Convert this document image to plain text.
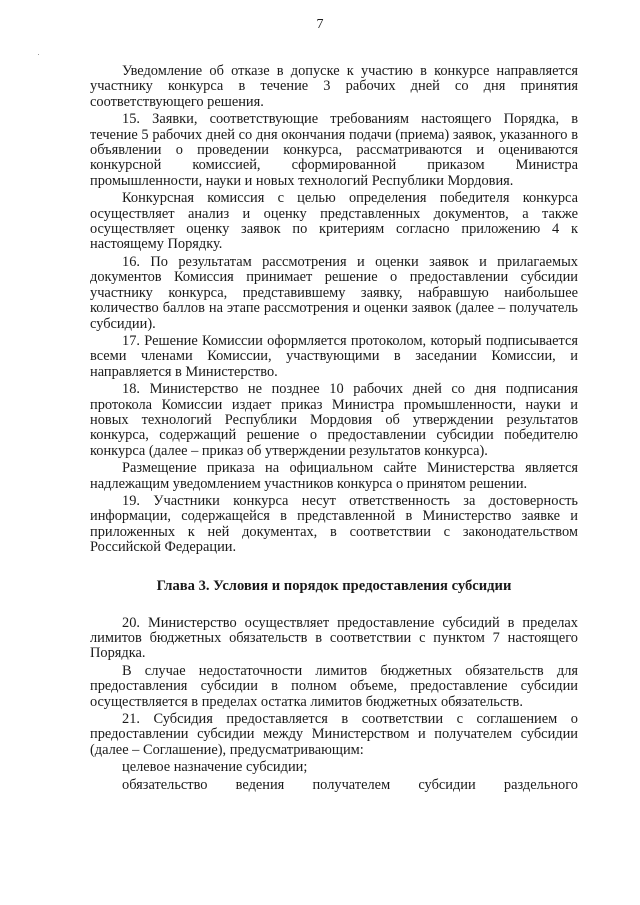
7

Уведомление об отказе в допуске к участию в конкурсе направляется участнику конкурса в течение 3 рабочих дней со дня принятия соответствующего решения.

15. Заявки, соответствующие требованиям настоящего Порядка, в течение 5 рабочих дней со дня окончания подачи (приема) заявок, указанного в объявлении о проведении конкурса, рассматриваются и оцениваются конкурсной комиссией, сформированной приказом Министра промышленности, науки и новых технологий Республики Мордовия.

Конкурсная комиссия с целью определения победителя конкурса осуществляет анализ и оценку представленных документов, а также осуществляет оценку заявок по критериям согласно приложению 4 к настоящему Порядку.

16. По результатам рассмотрения и оценки заявок и прилагаемых документов Комиссия принимает решение о предоставлении субсидии участнику конкурса, представившему заявку, набравшую наибольшее количество баллов на этапе рассмотрения и оценки заявок (далее – получатель субсидии).

17. Решение Комиссии оформляется протоколом, который подписывается всеми членами Комиссии, участвующими в заседании Комиссии, и направляется в Министерство.

18. Министерство не позднее 10 рабочих дней со дня подписания протокола Комиссии издает приказ Министра промышленности, науки и новых технологий Республики Мордовия об утверждении результатов конкурса, содержащий решение о предоставлении субсидии победителю конкурса (далее – приказ об утверждении результатов конкурса).

Размещение приказа на официальном сайте Министерства является надлежащим уведомлением участников конкурса о принятом решении.

19. Участники конкурса несут ответственность за достоверность информации, содержащейся в представленной в Министерство заявке и приложенных к ней документах, в соответствии с законодательством Российской Федерации.

Глава 3. Условия и порядок предоставления субсидии

20. Министерство осуществляет предоставление субсидий в пределах лимитов бюджетных обязательств в соответствии с пунктом 7 настоящего Порядка.

В случае недостаточности лимитов бюджетных обязательств для предоставления субсидии в полном объеме, предоставление субсидии осуществляется в пределах остатка лимитов бюджетных обязательств.

21. Субсидия предоставляется в соответствии с соглашением о предоставлении субсидии между Министерством и получателем субсидии (далее – Соглашение), предусматривающим:

целевое назначение субсидии;

обязательство ведения получателем субсидии раздельного
